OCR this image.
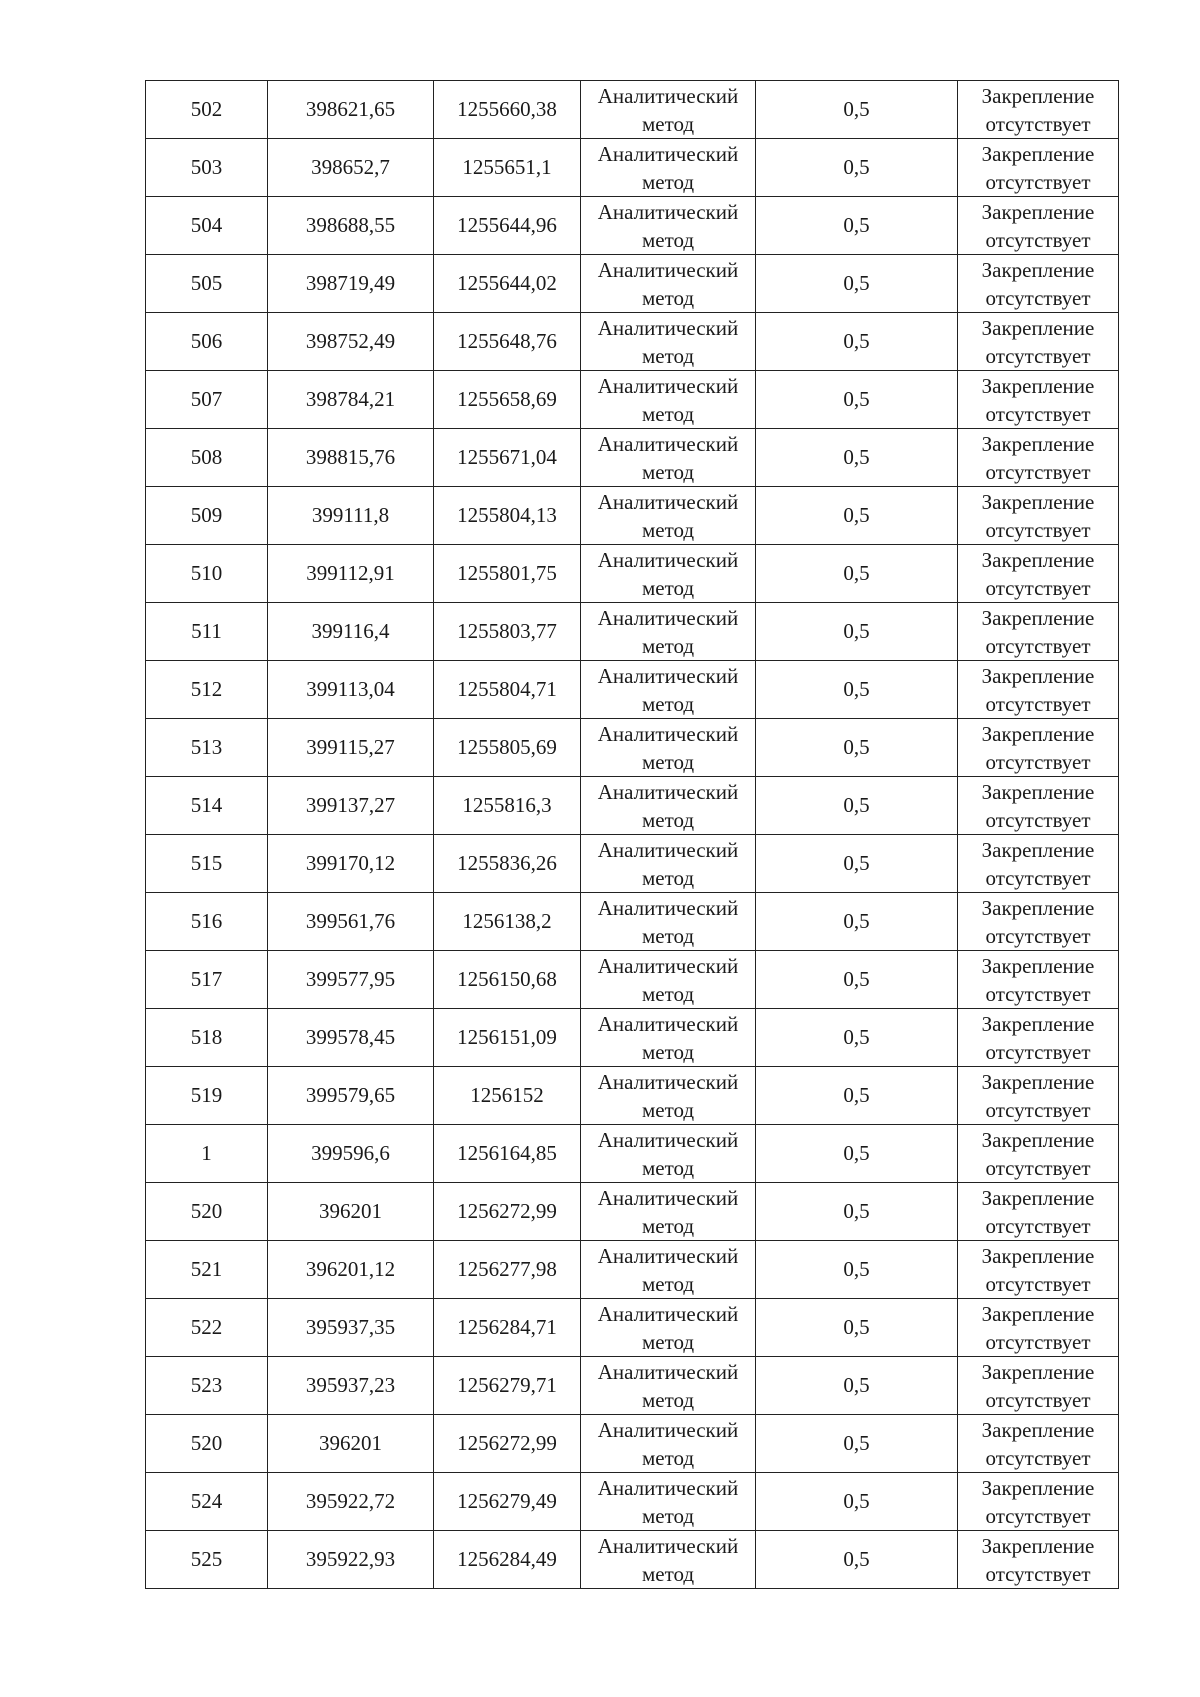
502	398621,65	1255660,38	Аналитический
метод	0,5	Закрепление
отсутствует

503	398652,7	1255651,1	Аналитический
метод	0,5	Закрепление
отсутствует

504	398688,55	1255644,96	Аналитический
метод	0,5	Закрепление
отсутствует

505	398719,49	1255644,02	Аналитический
метод	0,5	Закрепление
отсутствует

506	398752,49	1255648,76	Аналитический
метод	0,5	Закрепление
отсутствует

507	398784,21	1255658,69	Аналитический
метод	0,5	Закрепление
отсутствует

508	398815,76	1255671,04	Аналитический
метод	0,5	Закрепление
отсутствует

509	399111,8	1255804,13	Аналитический
метод	0,5	Закрепление
отсутствует

510	399112,91	1255801,75	Аналитический
метод	0,5	Закрепление
отсутствует

511	399116,4	1255803,77	Аналитический
метод	0,5	Закрепление
отсутствует

512	399113,04	1255804,71	Аналитический
метод	0,5	Закрепление
отсутствует

513	399115,27	1255805,69	Аналитический
метод	0,5	Закрепление
отсутствует

514	399137,27	1255816,3	Аналитический
метод	0,5	Закрепление
отсутствует

515	399170,12	1255836,26	Аналитический
метод	0,5	Закрепление
отсутствует

516	399561,76	1256138,2	Аналитический
метод	0,5	Закрепление
отсутствует

517	399577,95	1256150,68	Аналитический
метод	0,5	Закрепление
отсутствует

518	399578,45	1256151,09	Аналитический
метод	0,5	Закрепление
отсутствует

519	399579,65	1256152	Аналитический
метод	0,5	Закрепление
отсутствует

1	399596,6	1256164,85	Аналитический
метод	0,5	Закрепление
отсутствует

520	396201	1256272,99	Аналитический
метод	0,5	Закрепление
отсутствует

521	396201,12	1256277,98	Аналитический
метод	0,5	Закрепление
отсутствует

522	395937,35	1256284,71	Аналитический
метод	0,5	Закрепление
отсутствует

523	395937,23	1256279,71	Аналитический
метод	0,5	Закрепление
отсутствует

520	396201	1256272,99	Аналитический
метод	0,5	Закрепление
отсутствует

524	395922,72	1256279,49	Аналитический
метод	0,5	Закрепление
отсутствует

525	395922,93	1256284,49	Аналитический
метод	0,5	Закрепление
отсутствует
